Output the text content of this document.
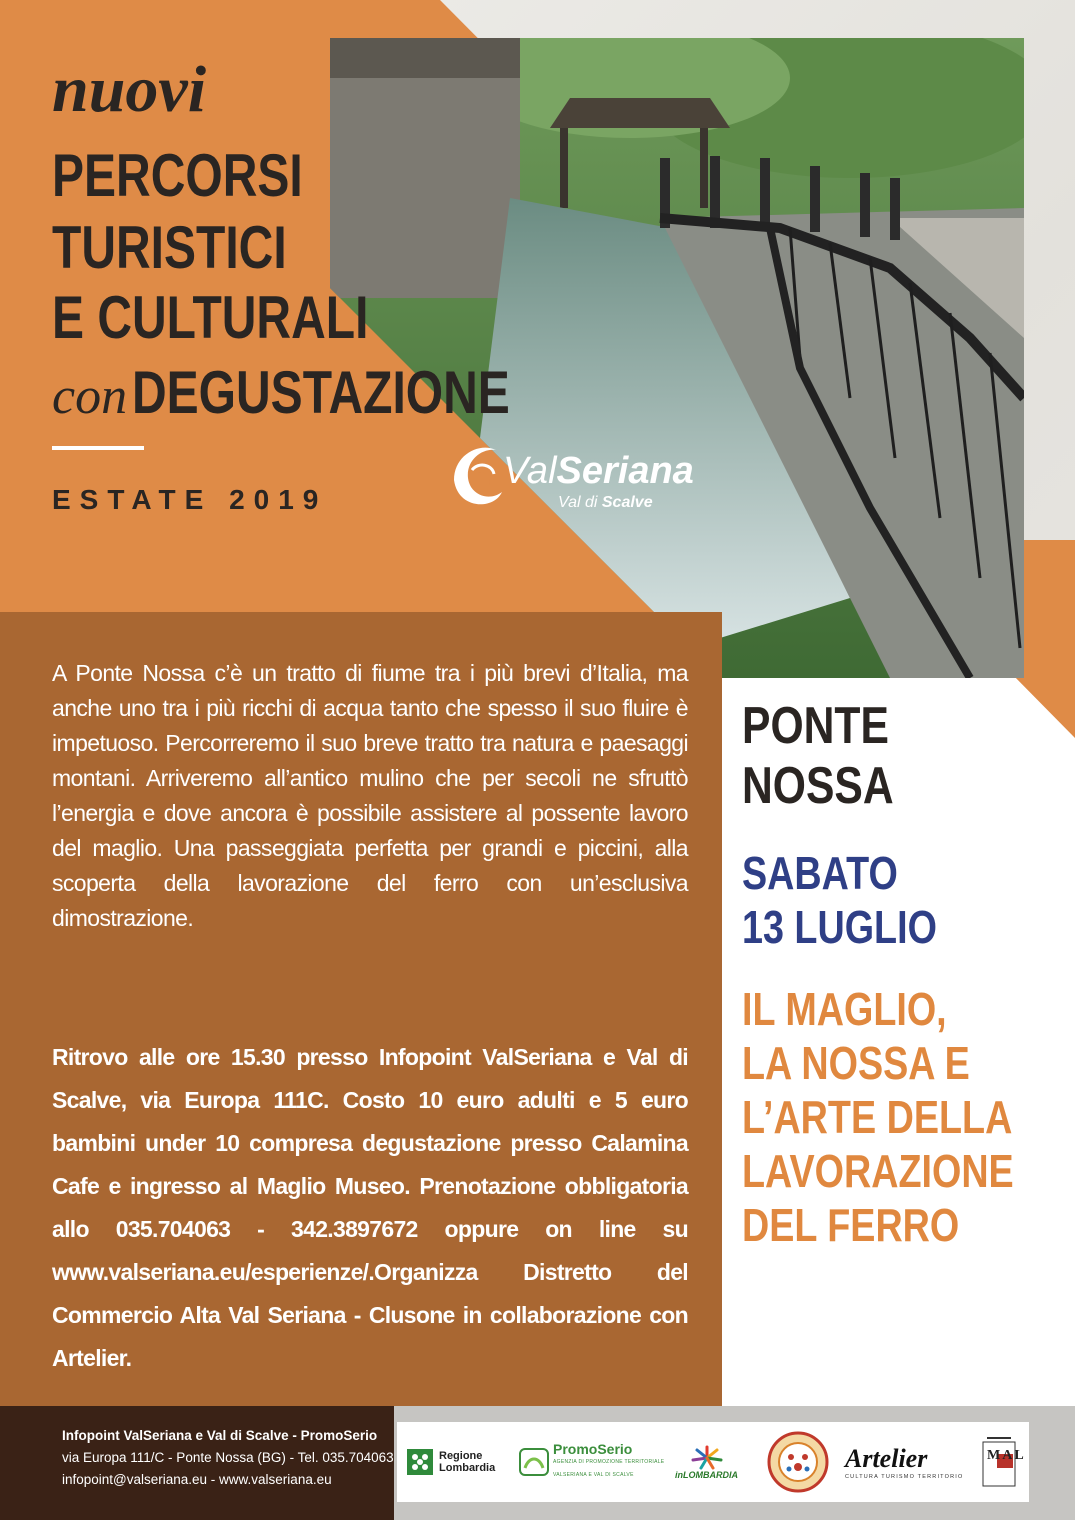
nuovi
PERCORSI
TURISTICI
E CULTURALI
con DEGUSTAZIONE
ESTATE 2019
ValSeriana
Val di Scalve
A Ponte Nossa c’è un tratto di fiume tra i più brevi d’Italia, ma anche uno tra i più ricchi di acqua tanto che spesso il suo fluire è impetuoso. Percorreremo il suo breve tratto tra natura e paesaggi montani. Arriveremo all’antico mulino che per secoli ne sfruttò l’energia e dove ancora è possibile assistere al possente lavoro del maglio. Una passeggiata perfetta per grandi e piccini, alla scoperta della lavorazione del ferro con un’esclusiva dimostrazione.
Ritrovo alle ore 15.30 presso Infopoint ValSeriana e Val di Scalve, via Europa 111C. Costo 10 euro adulti e 5 euro bambini under 10 compresa degustazione presso Calamina Cafe e ingresso al Maglio Museo. Prenotazione obbligatoria allo 035.704063 - 342.3897672 oppure on line su www.valseriana.eu/esperienze/.Organizza Distretto del Commercio Alta Val Seriana - Clusone in collaborazione con Artelier.
PONTE
NOSSA
SABATO
13 LUGLIO
IL MAGLIO,
LA NOSSA E
L’ARTE DELLA
LAVORAZIONE
DEL FERRO
Infopoint ValSeriana e Val di Scalve - PromoSerio
via Europa 111/C - Ponte Nossa (BG) - Tel. 035.704063
infopoint@valseriana.eu - www.valseriana.eu
Regione
Lombardia
PromoSerio
AGENZIA DI PROMOZIONE TERRITORIALE
VALSERIANA E VAL DI SCALVE	inLOMBARDIA
Artelier
CULTURA TURISMO TERRITORIO
MAL
